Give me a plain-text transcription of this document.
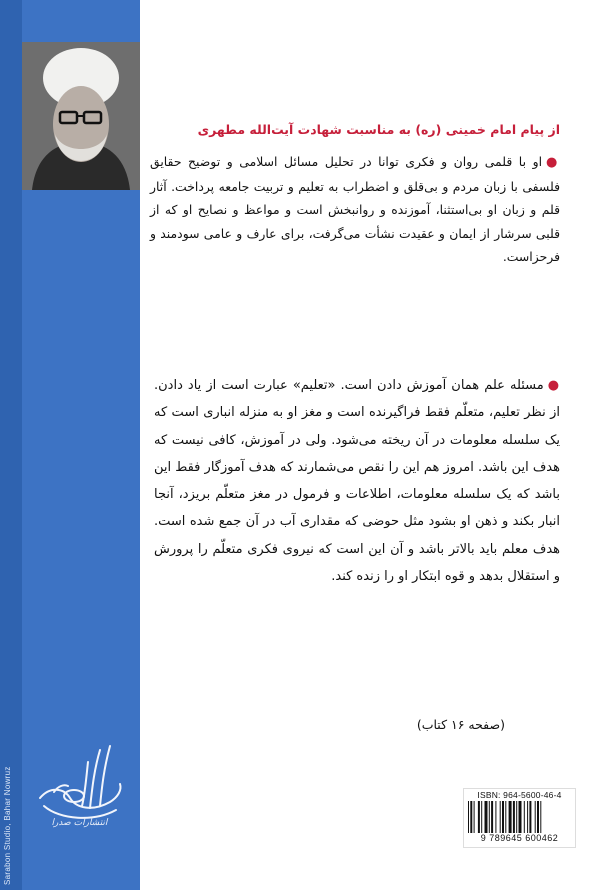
Sarabon Studio, Bahar Nowruz
از پیام امام خمینی (ره) به مناسبت شهادت آیت‌الله مطهری
●او با قلمی روان و فکری توانا در تحلیل مسائل اسلامی و توضیح حقایق فلسفی با زبان مردم و بی‌قلق و اضطراب به تعلیم و تربیت جامعه پرداخت. آثار قلم و زبان او بی‌استثنا، آموزنده و روانبخش است و مواعظ و نصایح او که از قلبی سرشار از ایمان و عقیدت نشأت می‌گرفت، برای عارف و عامی سودمند و فرحزاست.
●مسئله علم همان آموزش دادن است. «تعلیم» عبارت است از یاد دادن. از نظر تعلیم، متعلّم فقط فراگیرنده است و مغز او به منزله انباری است که یک سلسله معلومات در آن ریخته می‌شود. ولی در آموزش، کافی نیست که هدف این باشد. امروز هم این را نقص می‌شمارند که هدف آموزگار فقط این باشد که یک سلسله معلومات، اطلاعات و فرمول در مغز متعلّم بریزد، آنجا انبار بکند و ذهن او بشود مثل حوضی که مقداری آب در آن جمع شده است. هدف معلم باید بالاتر باشد و آن این است که نیروی فکری متعلّم را پرورش و استقلال بدهد و قوه ابتکار او را زنده کند.
(صفحه ۱۶ کتاب)
ISBN: 964-5600-46-4
9 789645 600462
انتشارات صدرا
